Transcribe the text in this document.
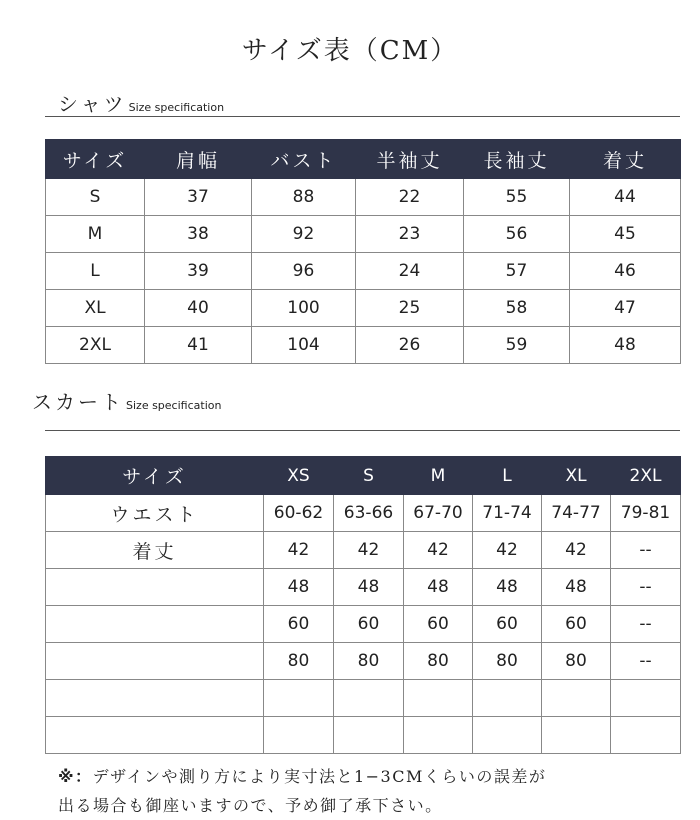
サイズ表（CM）
シャツ Size specification
サイズ	肩幅	バスト	半袖丈	長袖丈	着丈
S	37	88	22	55	44
M	38	92	23	56	45
L	39	96	24	57	46
XL	40	100	25	58	47
2XL	41	104	26	59	48
スカート Size specification
サイズ	XS	S	M	L	XL	2XL
ウエスト	60-62	63-66	67-70	71-74	74-77	79-81
着丈	42	42	42	42	42	--
	48	48	48	48	48	--
	60	60	60	60	60	--
	80	80	80	80	80	--

※：デザインや測り方により実寸法と1−3CMくらいの誤差が
出る場合も御座いますので、予め御了承下さい。
